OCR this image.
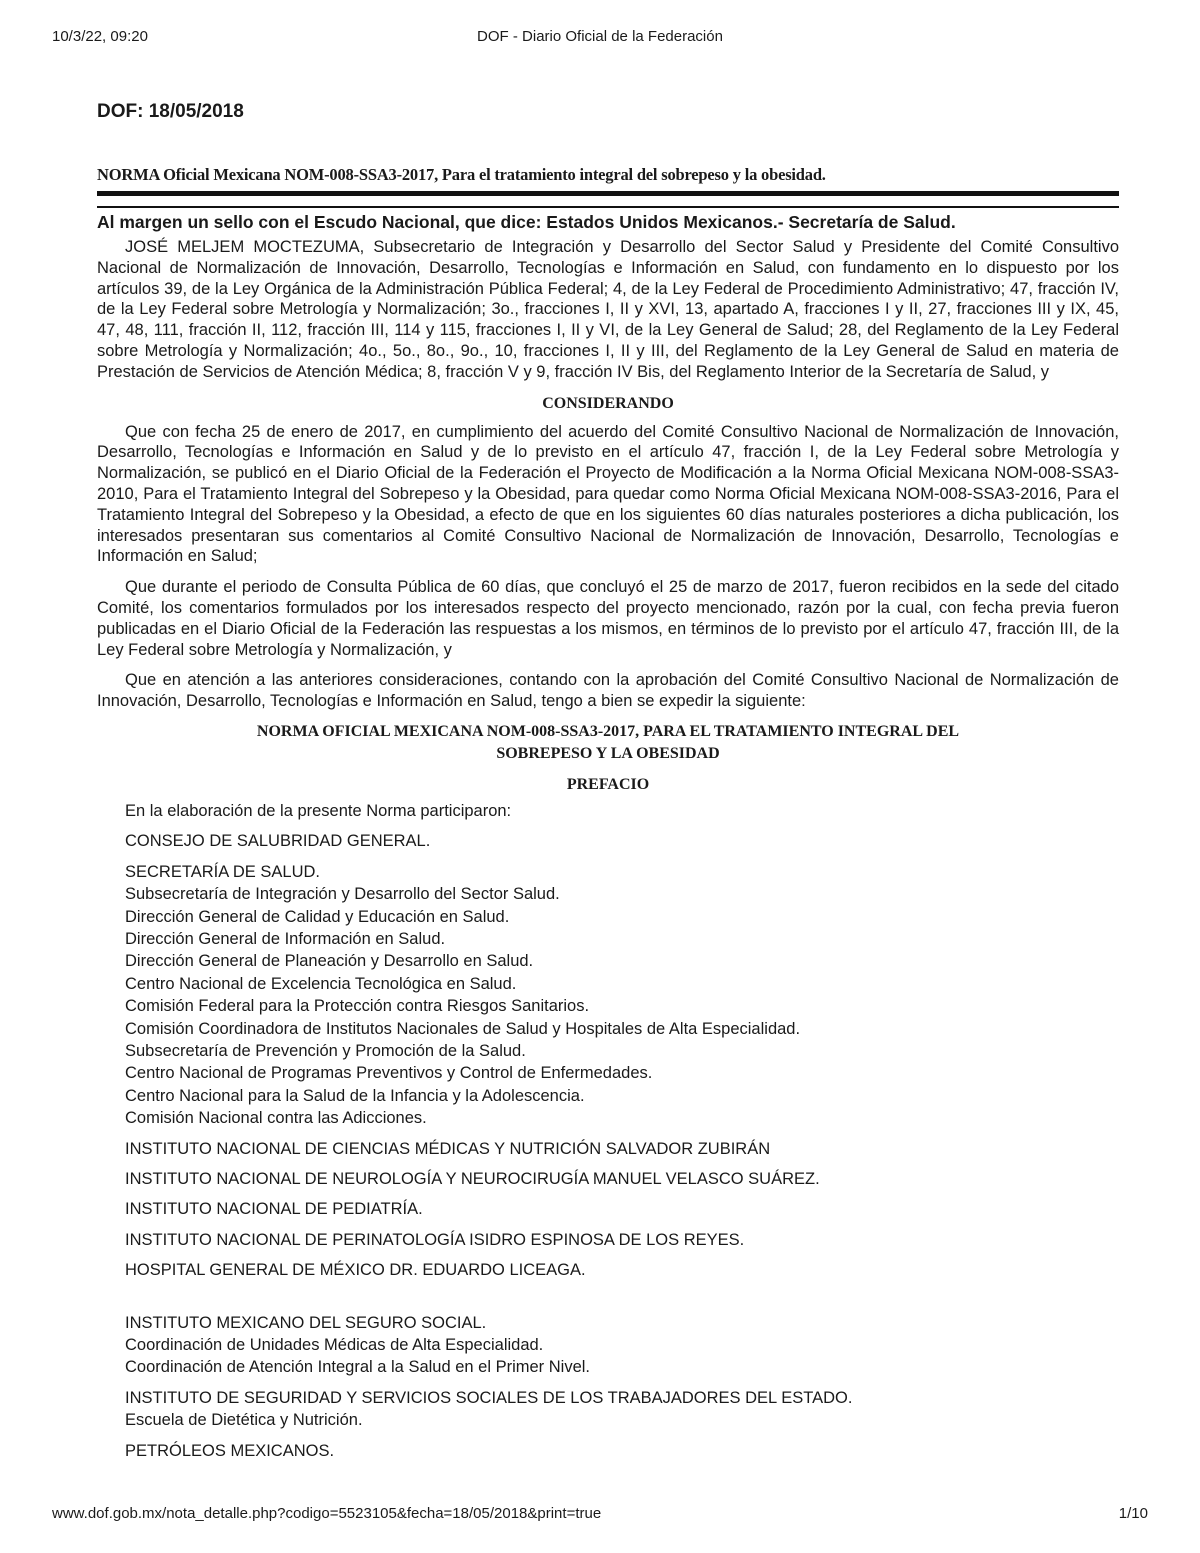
10/3/22, 09:20	DOF - Diario Oficial de la Federación
DOF: 18/05/2018
NORMA Oficial Mexicana NOM-008-SSA3-2017, Para el tratamiento integral del sobrepeso y la obesidad.
Al margen un sello con el Escudo Nacional, que dice: Estados Unidos Mexicanos.- Secretaría de Salud.

JOSÉ MELJEM MOCTEZUMA, Subsecretario de Integración y Desarrollo del Sector Salud y Presidente del Comité Consultivo Nacional de Normalización de Innovación, Desarrollo, Tecnologías e Información en Salud, con fundamento en lo dispuesto por los artículos 39, de la Ley Orgánica de la Administración Pública Federal; 4, de la Ley Federal de Procedimiento Administrativo; 47, fracción IV, de la Ley Federal sobre Metrología y Normalización; 3o., fracciones I, II y XVI, 13, apartado A, fracciones I y II, 27, fracciones III y IX, 45, 47, 48, 111, fracción II, 112, fracción III, 114 y 115, fracciones I, II y VI, de la Ley General de Salud; 28, del Reglamento de la Ley Federal sobre Metrología y Normalización; 4o., 5o., 8o., 9o., 10, fracciones I, II y III, del Reglamento de la Ley General de Salud en materia de Prestación de Servicios de Atención Médica; 8, fracción V y 9, fracción IV Bis, del Reglamento Interior de la Secretaría de Salud, y

CONSIDERANDO

Que con fecha 25 de enero de 2017, en cumplimiento del acuerdo del Comité Consultivo Nacional de Normalización de Innovación, Desarrollo, Tecnologías e Información en Salud y de lo previsto en el artículo 47, fracción I, de la Ley Federal sobre Metrología y Normalización, se publicó en el Diario Oficial de la Federación el Proyecto de Modificación a la Norma Oficial Mexicana NOM-008-SSA3-2010, Para el Tratamiento Integral del Sobrepeso y la Obesidad, para quedar como Norma Oficial Mexicana NOM-008-SSA3-2016, Para el Tratamiento Integral del Sobrepeso y la Obesidad, a efecto de que en los siguientes 60 días naturales posteriores a dicha publicación, los interesados presentaran sus comentarios al Comité Consultivo Nacional de Normalización de Innovación, Desarrollo, Tecnologías e Información en Salud;

Que durante el periodo de Consulta Pública de 60 días, que concluyó el 25 de marzo de 2017, fueron recibidos en la sede del citado Comité, los comentarios formulados por los interesados respecto del proyecto mencionado, razón por la cual, con fecha previa fueron publicadas en el Diario Oficial de la Federación las respuestas a los mismos, en términos de lo previsto por el artículo 47, fracción III, de la Ley Federal sobre Metrología y Normalización, y

Que en atención a las anteriores consideraciones, contando con la aprobación del Comité Consultivo Nacional de Normalización de Innovación, Desarrollo, Tecnologías e Información en Salud, tengo a bien se expedir la siguiente:

NORMA OFICIAL MEXICANA NOM-008-SSA3-2017, PARA EL TRATAMIENTO INTEGRAL DEL
SOBREPESO Y LA OBESIDAD
PREFACIO
En la elaboración de la presente Norma participaron:
CONSEJO DE SALUBRIDAD GENERAL.
SECRETARÍA DE SALUD.
Subsecretaría de Integración y Desarrollo del Sector Salud.
Dirección General de Calidad y Educación en Salud.
Dirección General de Información en Salud.
Dirección General de Planeación y Desarrollo en Salud.
Centro Nacional de Excelencia Tecnológica en Salud.
Comisión Federal para la Protección contra Riesgos Sanitarios.
Comisión Coordinadora de Institutos Nacionales de Salud y Hospitales de Alta Especialidad.
Subsecretaría de Prevención y Promoción de la Salud.
Centro Nacional de Programas Preventivos y Control de Enfermedades.
Centro Nacional para la Salud de la Infancia y la Adolescencia.
Comisión Nacional contra las Adicciones.
INSTITUTO NACIONAL DE CIENCIAS MÉDICAS Y NUTRICIÓN SALVADOR ZUBIRÁN
INSTITUTO NACIONAL DE NEUROLOGÍA Y NEUROCIRUGÍA MANUEL VELASCO SUÁREZ.
INSTITUTO NACIONAL DE PEDIATRÍA.
INSTITUTO NACIONAL DE PERINATOLOGÍA ISIDRO ESPINOSA DE LOS REYES.
HOSPITAL GENERAL DE MÉXICO DR. EDUARDO LICEAGA.
INSTITUTO MEXICANO DEL SEGURO SOCIAL.
Coordinación de Unidades Médicas de Alta Especialidad.
Coordinación de Atención Integral a la Salud en el Primer Nivel.
INSTITUTO DE SEGURIDAD Y SERVICIOS SOCIALES DE LOS TRABAJADORES DEL ESTADO.
Escuela de Dietética y Nutrición.
PETRÓLEOS MEXICANOS.
www.dof.gob.mx/nota_detalle.php?codigo=5523105&fecha=18/05/2018&print=true	1/10
